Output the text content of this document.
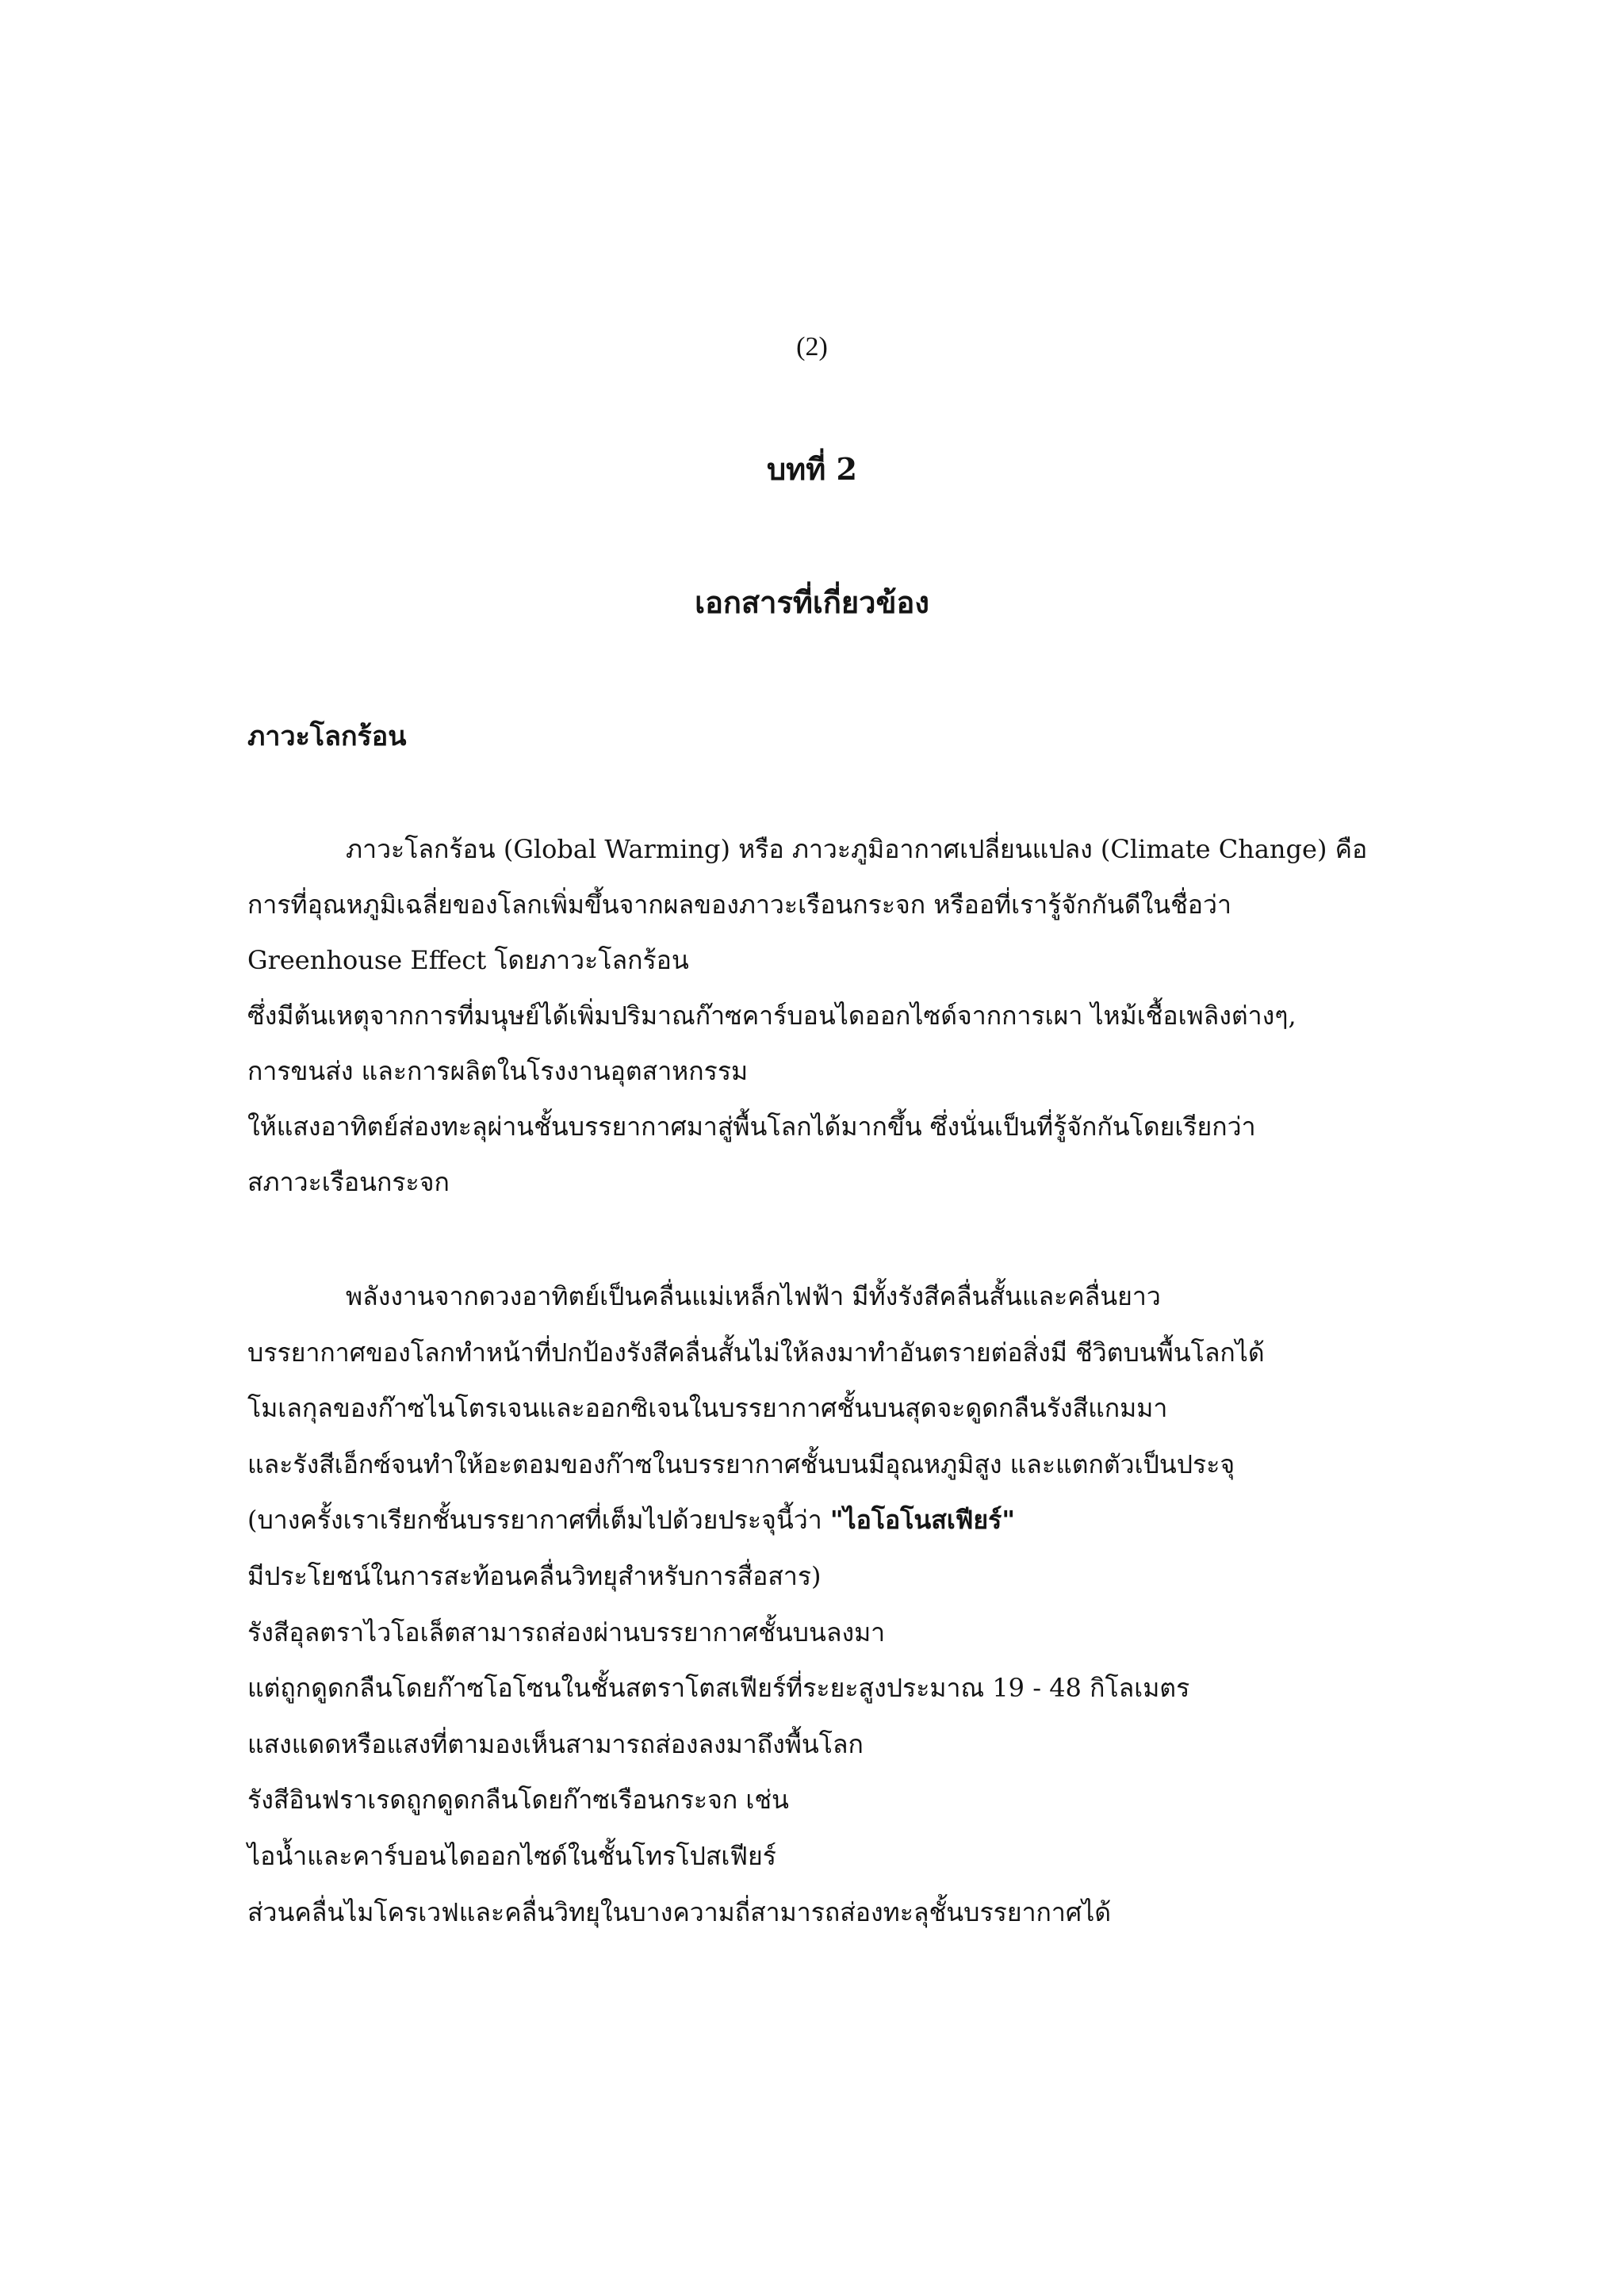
(2)
บทที่ 2
เอกสารที่เกี่ยวข้อง
ภาวะโลกร้อน
ภาวะโลกร้อน (Global Warming) หรือ ภาวะภูมิอากาศเปลี่ยนแปลง (Climate Change) คือ
การที่อุณหภูมิเฉลี่ยของโลกเพิ่มขึ้นจากผลของภาวะเรือนกระจก หรืออที่เรารู้จักกันดีในชื่อว่า
Greenhouse Effect โดยภาวะโลกร้อน
ซึ่งมีต้นเหตุจากการที่มนุษย์ได้เพิ่มปริมาณก๊าซคาร์บอนไดออกไซด์จากการเผา ไหม้เชื้อเพลิงต่างๆ,
การขนส่ง และการผลิตในโรงงานอุตสาหกรรม
ให้แสงอาทิตย์ส่องทะลุผ่านชั้นบรรยากาศมาสู่พื้นโลกได้มากขึ้น ซึ่งนั่นเป็นที่รู้จักกันโดยเรียกว่า
สภาวะเรือนกระจก
พลังงานจากดวงอาทิตย์เป็นคลื่นแม่เหล็กไฟฟ้า มีทั้งรังสีคลื่นสั้นและคลื่นยาว
บรรยากาศของโลกทำหน้าที่ปกป้องรังสีคลื่นสั้นไม่ให้ลงมาทำอันตรายต่อสิ่งมี ชีวิตบนพื้นโลกได้
โมเลกุลของก๊าซไนโตรเจนและออกซิเจนในบรรยากาศชั้นบนสุดจะดูดกลืนรังสีแกมมา
และรังสีเอ็กซ์จนทำให้อะตอมของก๊าซในบรรยากาศชั้นบนมีอุณหภูมิสูง และแตกตัวเป็นประจุ
(บางครั้งเราเรียกชั้นบรรยากาศที่เต็มไปด้วยประจุนี้ว่า "ไอโอโนสเฟียร์"
มีประโยชน์ในการสะท้อนคลื่นวิทยุสำหรับการสื่อสาร)
รังสีอุลตราไวโอเล็ตสามารถส่องผ่านบรรยากาศชั้นบนลงมา
แต่ถูกดูดกลืนโดยก๊าซโอโซนในชั้นสตราโตสเฟียร์ที่ระยะสูงประมาณ 19 - 48 กิโลเมตร
แสงแดดหรือแสงที่ตามองเห็นสามารถส่องลงมาถึงพื้นโลก
รังสีอินฟราเรดถูกดูดกลืนโดยก๊าซเรือนกระจก เช่น
ไอน้ำและคาร์บอนไดออกไซด์ในชั้นโทรโปสเฟียร์
ส่วนคลื่นไมโครเวฟและคลื่นวิทยุในบางความถี่สามารถส่องทะลุชั้นบรรยากาศได้
